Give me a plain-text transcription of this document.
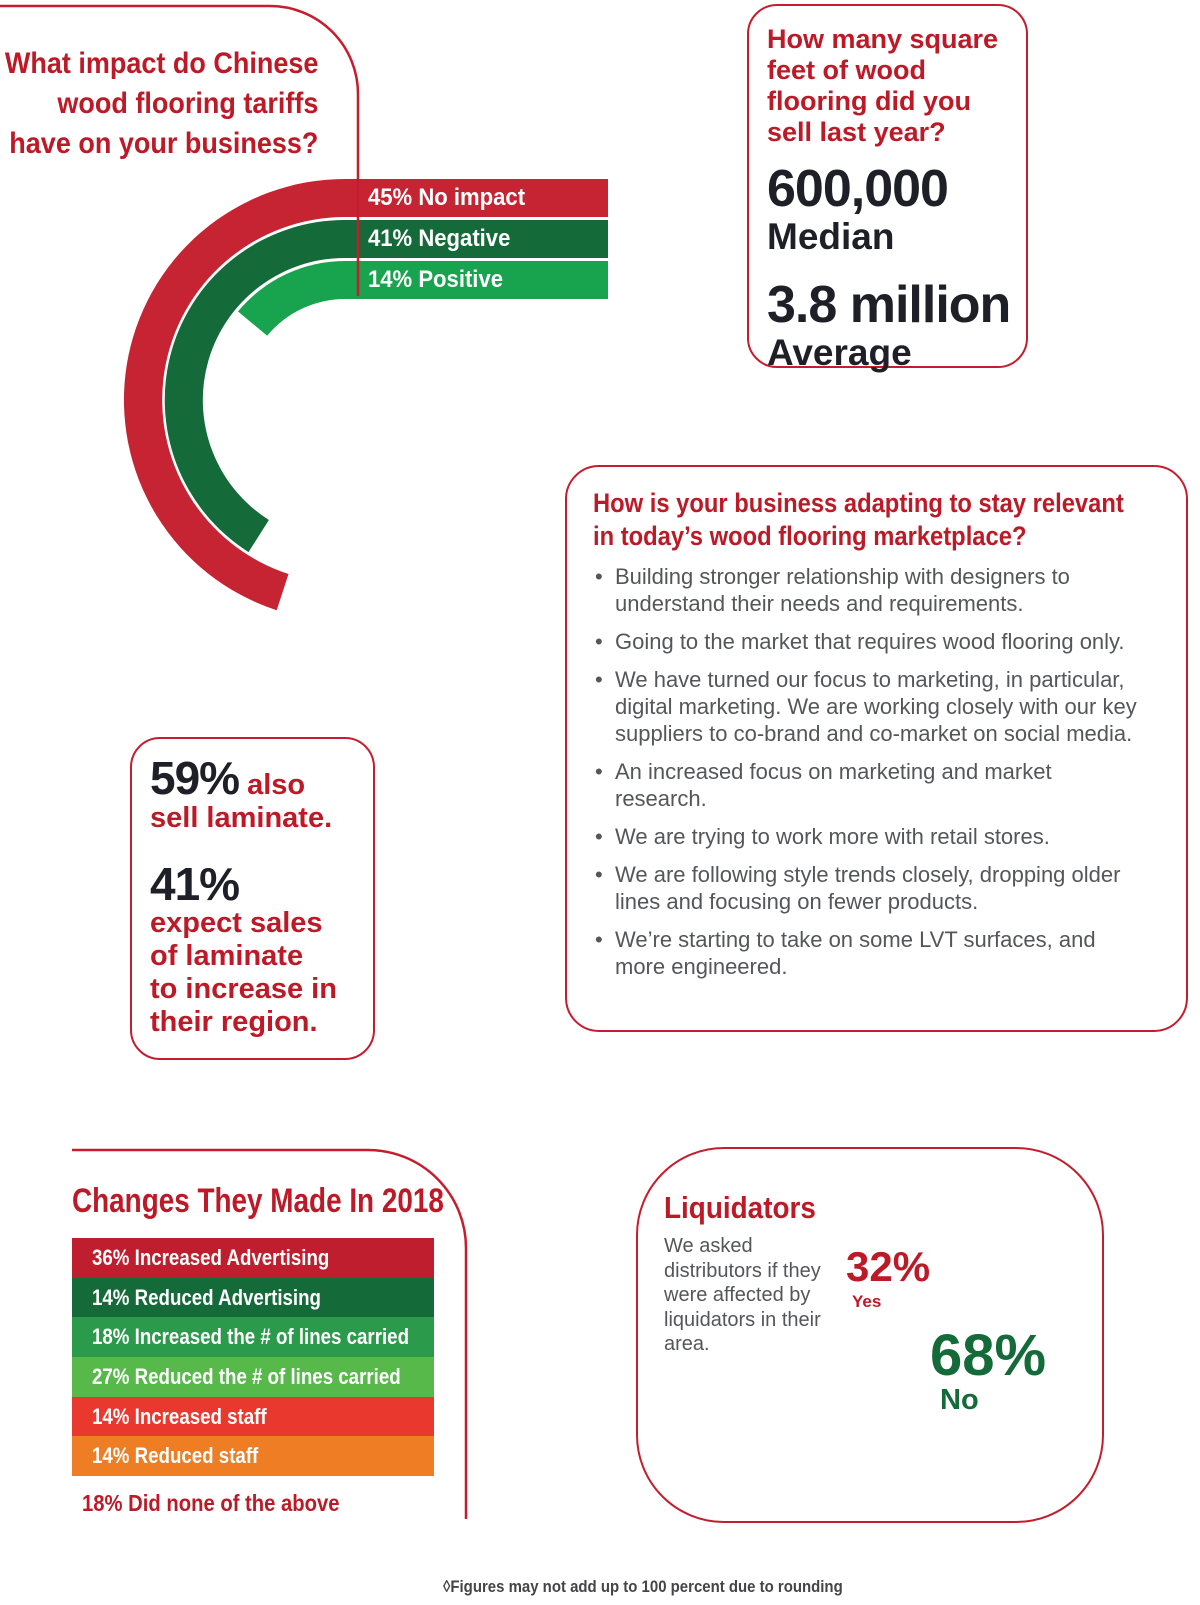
What impact do Chinese
wood flooring tariffs
have on your business?
45% No impact
41% Negative
14% Positive
How many square
feet of wood
flooring did you
sell last year?
600,000
Median
3.8 million
Average
How is your business adapting to stay relevant
in today’s wood flooring marketplace?
• Building stronger relationship with designers to understand their needs and requirements.
• Going to the market that requires wood flooring only.
• We have turned our focus to marketing, in particular, digital marketing. We are working closely with our key suppliers to co-brand and co-market on social media.
• An increased focus on marketing and market research.
• We are trying to work more with retail stores.
• We are following style trends closely, dropping older lines and focusing on fewer products.
• We’re starting to take on some LVT surfaces, and more engineered.
59% also
sell laminate.
41%
expect sales
of laminate
to increase in
their region.
Changes They Made In 2018
36% Increased Advertising
14% Reduced Advertising
18% Increased the # of lines carried
27% Reduced the # of lines carried
14% Increased staff
14% Reduced staff
18% Did none of the above
Liquidators
We asked distributors if they were affected by liquidators in their area.
32%
Yes
68%
No
◊Figures may not add up to 100 percent due to rounding
